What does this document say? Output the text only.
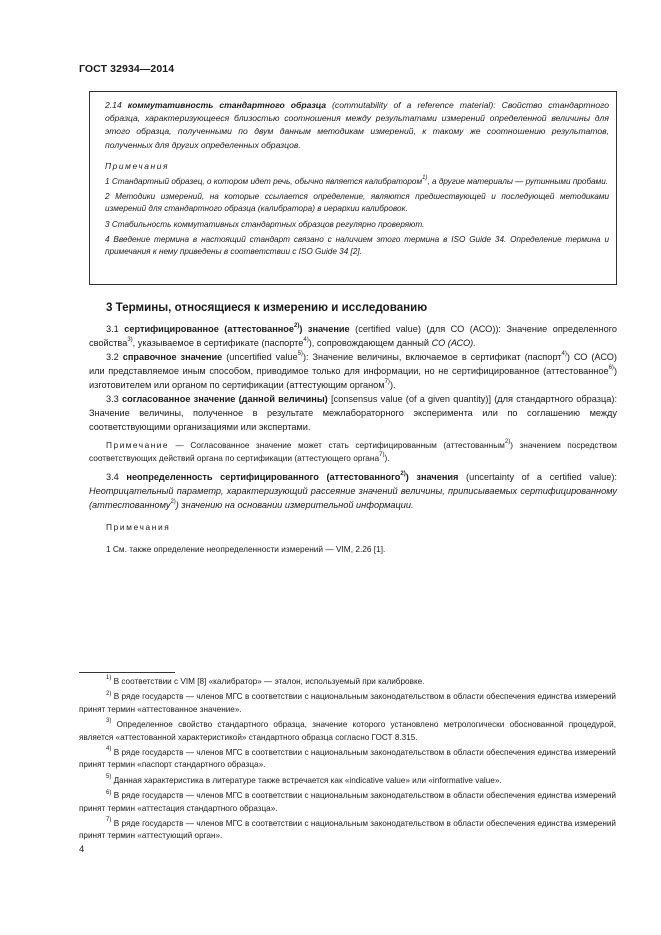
ГОСТ 32934—2014

2.14 коммутативность стандартного образца (commutability of a reference material): Свойство стандартного образца, характеризующееся близостью соотношения между результатами измерений определенной величины для этого образца, полученными по двум данным методикам измерений, к такому же соотношению результатов, полученных для других определенных образцов.

Примечания

1 Стандартный образец, о котором идет речь, обычно является калибратором$^{1)}$, а другие материалы — рутинными пробами.

2 Методики измерений, на которые ссылается определение, являются предшествующей и последующей методиками измерений для стандартного образца (калибратора) в иерархии калибровок.

3 Стабильность коммутативных стандартных образцов регулярно проверяют.

4 Введение термина в настоящий стандарт связано с наличием этого термина в ISO Guide 34. Определение термина и примечания к нему приведены в соответствии с ISO Guide 34 [2].

3 Термины, относящиеся к измерению и исследованию

3.1 сертифицированное (аттестованное$^{2)}$) значение (certified value) (для СО (АСО)): Значение определенного свойства$^{3)}$, указываемое в сертификате (паспорте$^{4)}$), сопровождающем данный СО (АСО).

3.2 справочное значение (uncertified value$^{5)}$): Значение величины, включаемое в сертификат (паспорт$^{4)}$) СО (АСО) или представляемое иным способом, приводимое только для информации, но не сертифицированное (аттестованное$^{6)}$) изготовителем или органом по сертификации (аттестующим органом$^{7)}$).

3.3 согласованное значение (данной величины) [consensus value (of a given quantity)] (для стандартного образца): Значение величины, полученное в результате межлабораторного эксперимента или по соглашению между соответствующими организациями или экспертами.

Примечание — Согласованное значение может стать сертифицированным (аттестованным$^{2)}$) значением посредством соответствующих действий органа по сертификации (аттестующего органа$^{7)}$).

3.4 неопределенность сертифицированного (аттестованного$^{2)}$) значения (uncertainty of a certified value): Неотрицательный параметр, характеризующий рассеяние значений величины, приписываемых сертифицированному (аттестованному$^{2)}$) значению на основании измерительной информации.

Примечания

1 См. также определение неопределенности измерений — VIM, 2.26 [1].

$^{1)}$ В соответствии с VIM [8] «калибратор» — эталон, используемый при калибровке.

$^{2)}$ В ряде государств — членов МГС в соответствии с национальным законодательством в области обеспечения единства измерений принят термин «аттестованное значение».

$^{3)}$ Определенное свойство стандартного образца, значение которого установлено метрологически обоснованной процедурой, является «аттестованной характеристикой» стандартного образца согласно ГОСТ 8.315.

$^{4)}$ В ряде государств — членов МГС в соответствии с национальным законодательством в области обеспечения единства измерений принят термин «паспорт стандартного образца».

$^{5)}$ Данная характеристика в литературе также встречается как «indicative value» или «informative value».

$^{6)}$ В ряде государств — членов МГС в соответствии с национальным законодательством в области обеспечения единства измерений принят термин «аттестация стандартного образца».

$^{7)}$ В ряде государств — членов МГС в соответствии с национальным законодательством в области обеспечения единства измерений принят термин «аттестующий орган».

4
